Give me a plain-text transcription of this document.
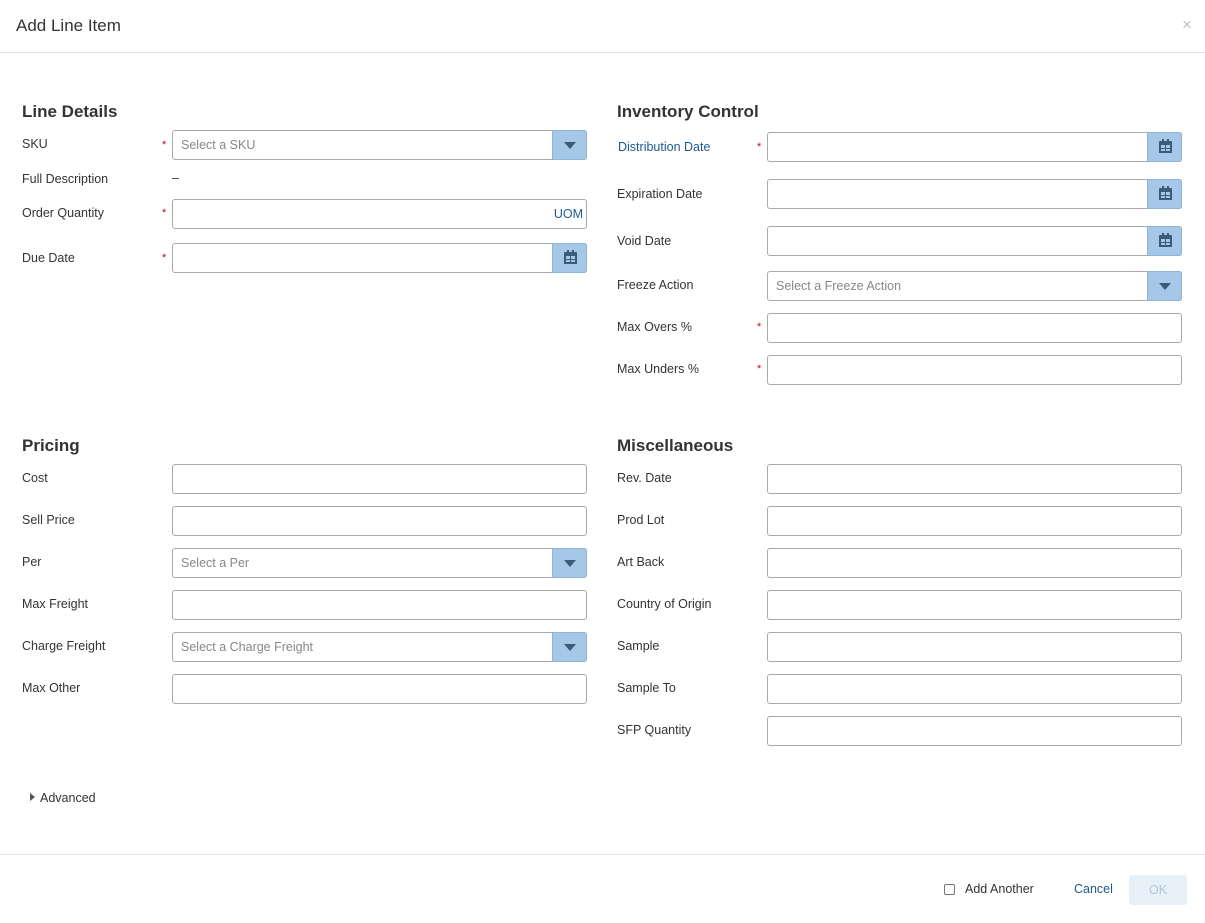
Add Line Item	×
Line Details
SKU	* Select a SKU
Full Description	–
Order Quantity	*	UOM
Due Date	*
Inventory Control
Distribution Date	*
Expiration Date
Void Date
Freeze Action	Select a Freeze Action
Max Overs %	*
Max Unders %	*
Pricing
Cost
Sell Price
Per	Select a Per
Max Freight
Charge Freight	Select a Charge Freight
Max Other
Miscellaneous
Rev. Date
Prod Lot
Art Back
Country of Origin
Sample
Sample To
SFP Quantity
Advanced
Add Another	Cancel	OK
